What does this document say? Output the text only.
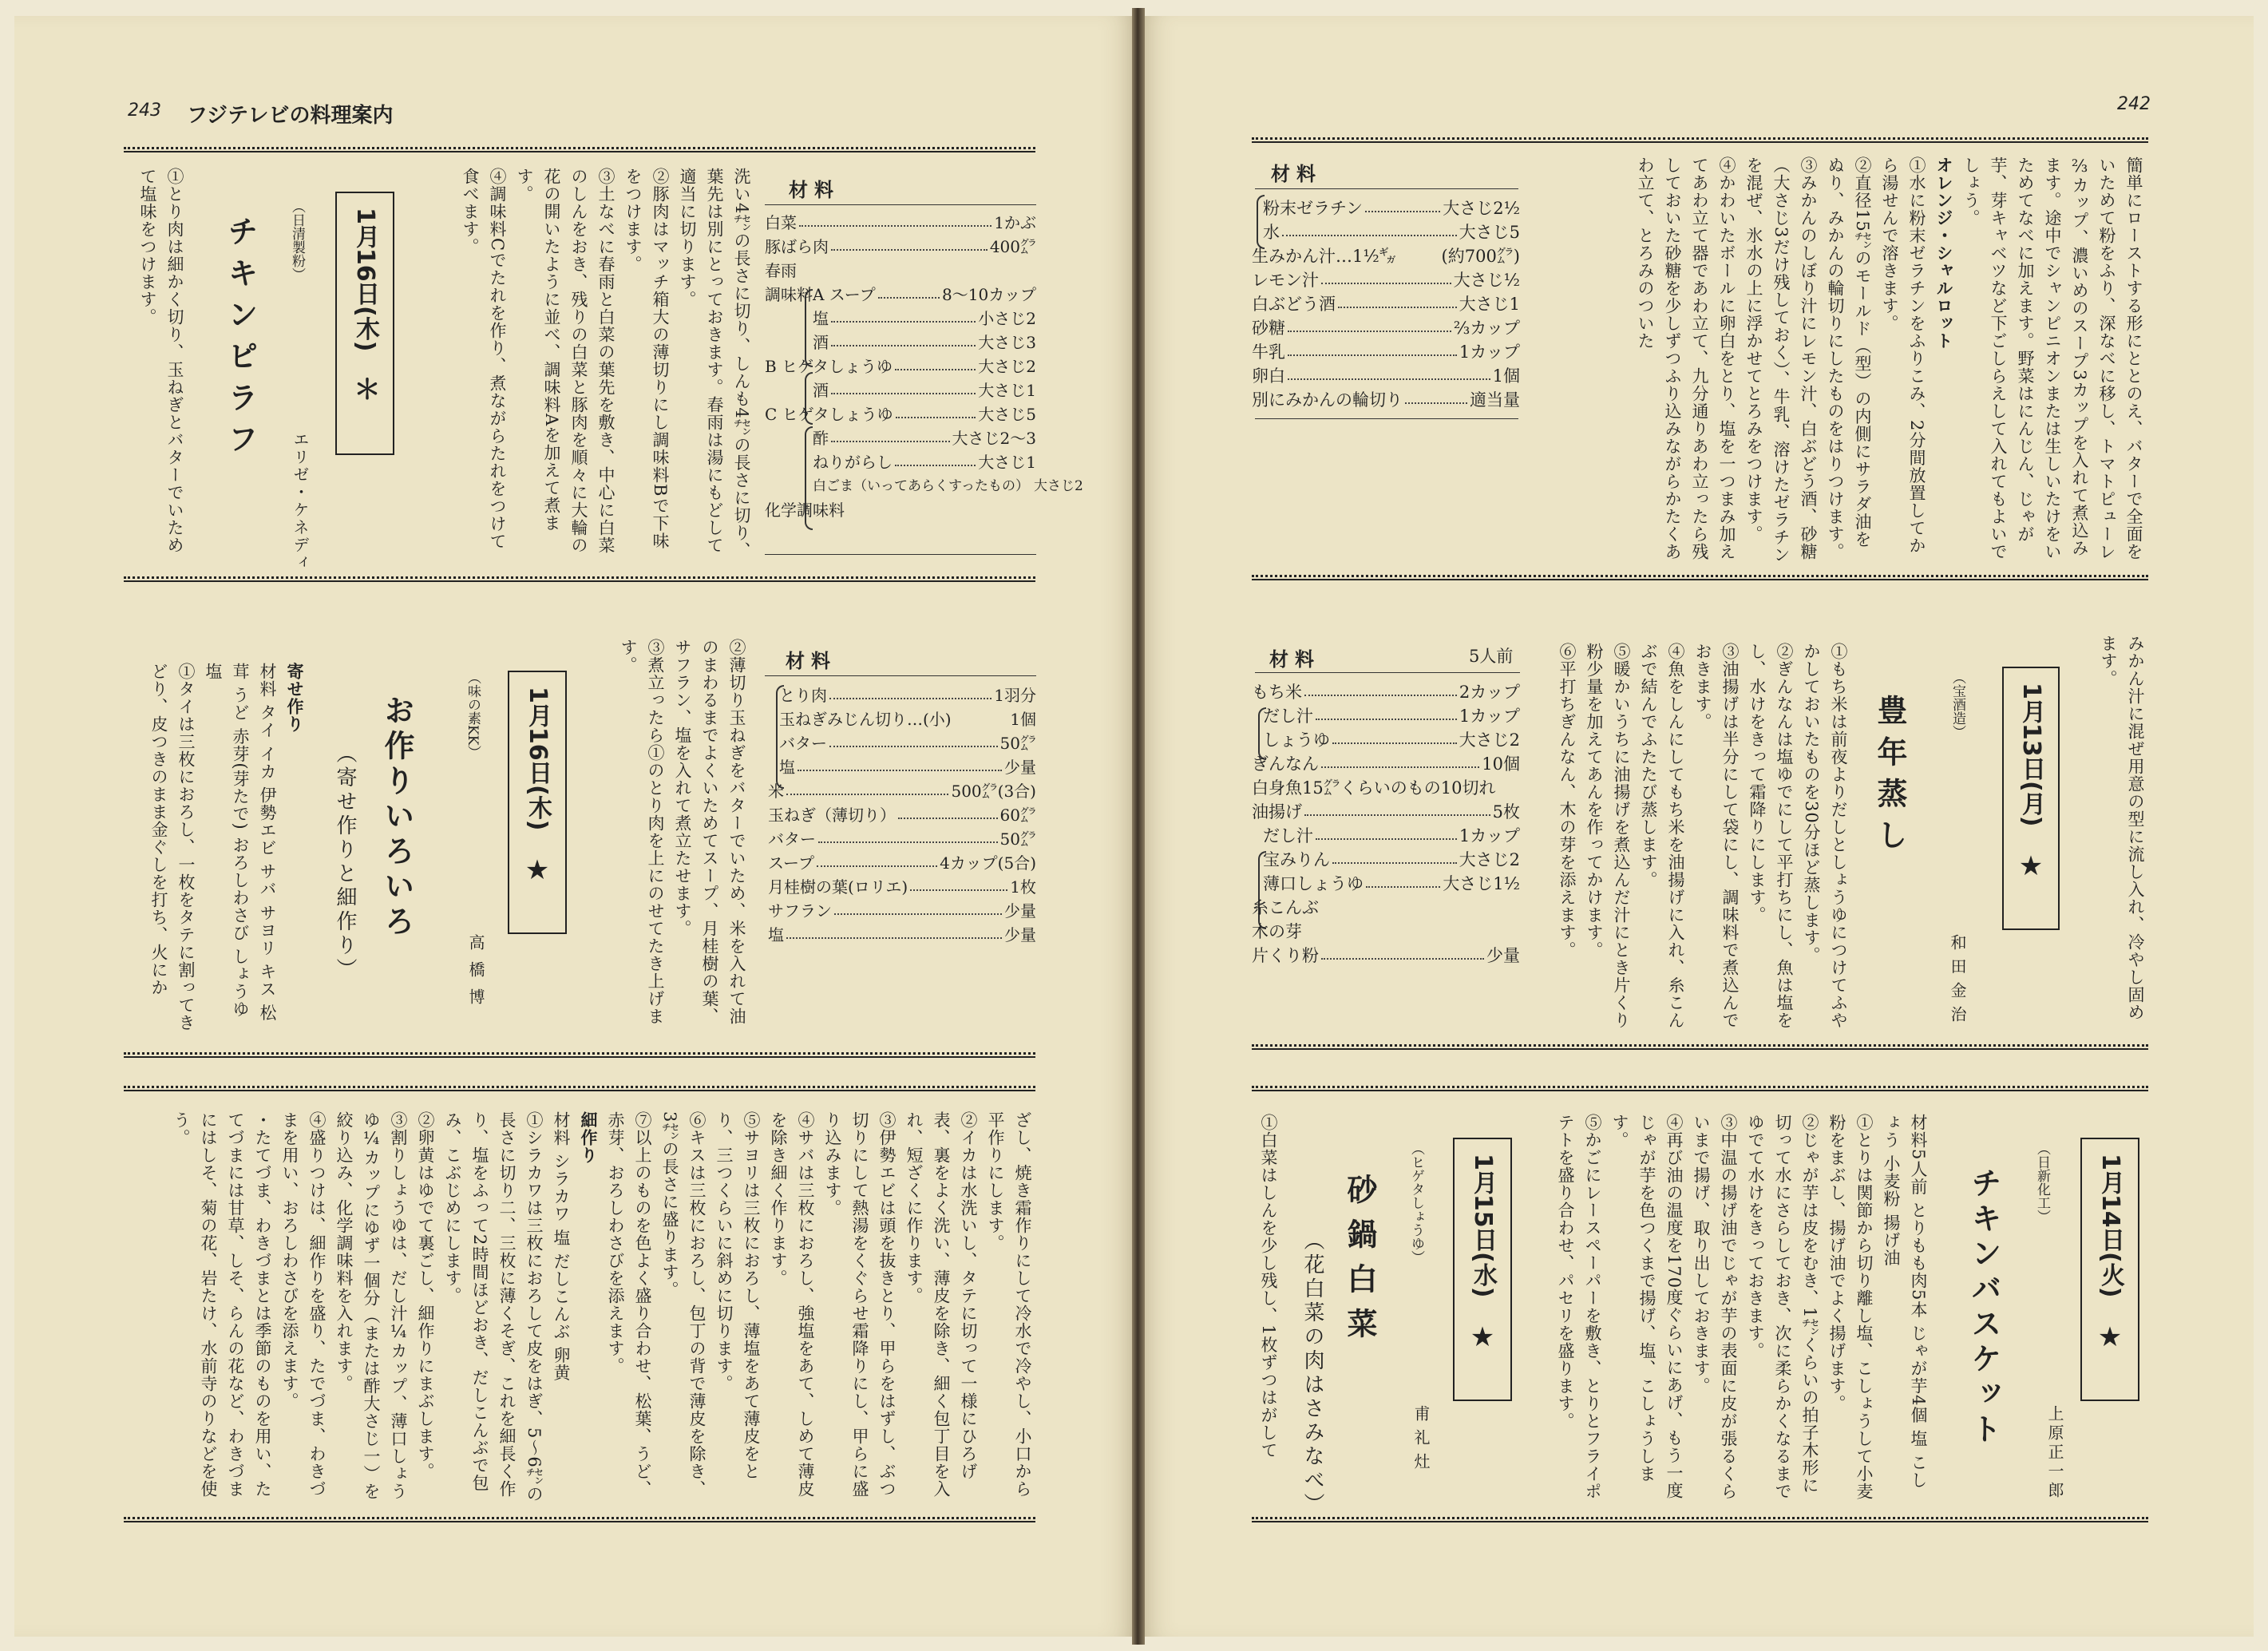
243 フジテレビの料理案内	242

簡単にローストする形にととのえ、バターで全面をいためて粉をふり、深なべに移し、トマトピューレ⅔カップ、濃いめのスープ3カップを入れて煮込みます。途中でシャンピニオンまたは生しいたけをいためてなべに加えます。野菜はにんじん、じゃが芋、芽キャベツなど下ごしらえして入れてもよいでしょう。

オレンジ・シャルロット

①水に粉末ゼラチンをふりこみ、2分間放置してから湯せんで溶きます。

②直径15㌢のモールド（型）の内側にサラダ油をぬり、みかんの輪切りにしたものをはりつけます。

③みかんのしぼり汁にレモン汁、白ぶどう酒、砂糖（大さじ3だけ残しておく）、牛乳、溶けたゼラチンを混ぜ、氷水の上に浮かせてとろみをつけます。

④かわいたボールに卵白をとり、塩を一つまみ加えてあわ立て器であわ立て、九分通りあわ立ったら残しておいた砂糖を少しずつふり込みながらかたくあわ立て、とろみのついた

材料
粉末ゼラチン	大さじ2½
水	大さじ5
生みかん汁…1½㌐	(約700㌘)
レモン汁	大さじ½
白ぶどう酒	大さじ1
砂糖	⅔カップ
牛乳	1カップ
卵白	1個
別にみかんの輪切り	適当量
みかん汁に混ぜ用意の型に流し入れ、冷やし固めます。
1月13日
(月)
★
（宝酒造）
豊年蒸し
和田金治

①もち米は前夜よりだしとしょうゆにつけてふやかしておいたものを30分ほど蒸します。

②ぎんなんは塩ゆでにして平打ちにし、魚は塩をし、水けをきって霜降りにします。

③油揚げは半分にして袋にし、調味料で煮込んでおきます。

④魚をしんにしてもち米を油揚げに入れ、糸こんぶで結んでふたたび蒸します。

⑤暖かいうちに油揚げを煮込んだ汁にとき片くり粉少量を加えてあんを作ってかけます。

⑥平打ちぎんなん、木の芽を添えます。

材料	5人前
もち米	2カップ
だし汁	1カップ
しょうゆ	大さじ2
ぎんなん	10個
白身魚15㌘くらいのもの10切れ
油揚げ	5枚
だし汁	1カップ
宝みりん	大さじ2
薄口しょうゆ	大さじ1½
糸こんぶ
木の芽
片くり粉	少量
1月14日
(火)
★
（日新化工）
チキンバスケット
上原正一郎

材料5人前 とりもも肉5本 じゃが芋4個 塩 こしょう 小麦粉 揚げ油

①とりは関節から切り離し塩、こしょうして小麦粉をまぶし、揚げ油でよく揚げます。

②じゃが芋は皮をむき、1㌢くらいの拍子木形に切って水にさらしておき、次に柔らかくなるまでゆでて水けをきっておきます。

③中温の揚げ油でじゃが芋の表面に皮が張るくらいまで揚げ、取り出しておきます。

④再び油の温度を170度ぐらいにあげ、もう一度じゃが芋を色つくまで揚げ、塩、こしょうします。

⑤かごにレースペーパーを敷き、とりとフライポテトを盛り合わせ、パセリを盛ります。

1月15日
(水)
★
（ヒゲタしょうゆ）
砂鍋白菜
（花白菜の肉はさみなべ）	甫礼灶
①白菜はしんを少し残し、1枚ずつはがして
材料
白菜	1かぶ
豚ばら肉	400㌘
春雨
調味料A スープ	8～10カップ
塩	小さじ2
酒	大さじ3
B ヒゲタしょうゆ	大さじ2
酒	大さじ1
C ヒゲタしょうゆ	大さじ5
酢	大さじ2～3
ねりがらし	大さじ1
白ごま（いってあらくすったもの） 大さじ2
化学調味料

洗い4㌢の長さに切り、しんも4㌢の長さに切り、葉先は別にとっておきます。春雨は湯にもどして適当に切ります。

②豚肉はマッチ箱大の薄切りにし調味料Bで下味をつけます。

③土なべに春雨と白菜の葉先を敷き、中心に白菜のしんをおき、残りの白菜と豚肉を順々に大輪の花の開いたように並べ、調味料Aを加えて煮ます。

④調味料Cでたれを作り、煮ながらたれをつけて食べます。

1月16日
(木)
＊
（日清製粉）
チキンピラフ
エリゼ・ケネディ
①とり肉は細かく切り、玉ねぎとバターでいためて塩味をつけます。
材料
とり肉	1羽分
玉ねぎみじん切り…(小)	1個
バター	50㌘
塩	少量
米	500㌘(3合)
玉ねぎ（薄切り）	60㌘
バター	50㌘
スープ	4カップ(5合)
月桂樹の葉(ロリエ)	1枚
サフラン	少量
塩	少量

②薄切り玉ねぎをバターでいため、米を入れて油のまわるまでよくいためてスープ、月桂樹の葉、サフラン、塩を入れて煮立たせます。

③煮立ったら①のとり肉を上にのせてたき上げます。

1月16日
(木)
★
（味の素KK）
お作りいろいろ
（寄せ作りと細作り）	高橋博

寄せ作り

材料 タイ イカ 伊勢エビ サバ サヨリ キス 松茸 うど 赤芽(芽たで) おろしわさび しょうゆ 塩

①タイは三枚におろし、一枚をタテに割ってきどり、皮つきのまま金ぐしを打ち、火にか

ざし、焼き霜作りにして冷水で冷やし、小口から平作りにします。

②イカは水洗いし、タテに切って一様にひろげ表、裏をよく洗い、薄皮を除き、細く包丁目を入れ、短ざくに作ります。

③伊勢エビは頭を抜きとり、甲らをはずし、ぶつ切りにして熱湯をくぐらせ霜降りにし、甲らに盛り込みます。

④サバは三枚におろし、強塩をあて、しめて薄皮を除き細く作ります。

⑤サヨリは三枚におろし、薄塩をあて薄皮をとり、三つくらいに斜めに切ります。

⑥キスは三枚におろし、包丁の背で薄皮を除き、3㌢の長さに盛ります。

⑦以上のものを色よく盛り合わせ、松葉、うど、赤芽、おろしわさびを添えます。

細作り

材料 シラカワ 塩 だしこんぶ 卵黄

①シラカワは三枚におろして皮をはぎ、5～6㌢の長さに切り二、三枚に薄くそぎ、これを細長く作り、塩をふって2時間ほどおき、だしこんぶで包み、こぶじめにします。

②卵黄はゆでて裏ごし、細作りにまぶします。

③割りしょうゆは、だし汁¼カップ、薄口しょうゆ¼カップにゆず一個分（または酢大さじ一）を絞り込み、化学調味料を入れます。

④盛りつけは、細作りを盛り、たでづま、わきづまを用い、おろしわさびを添えます。

・たてづま、わきづまとは季節のものを用い、たてづまには甘草、しそ、らんの花など、わきづまにはしそ、菊の花、岩たけ、水前寺のりなどを使う。
